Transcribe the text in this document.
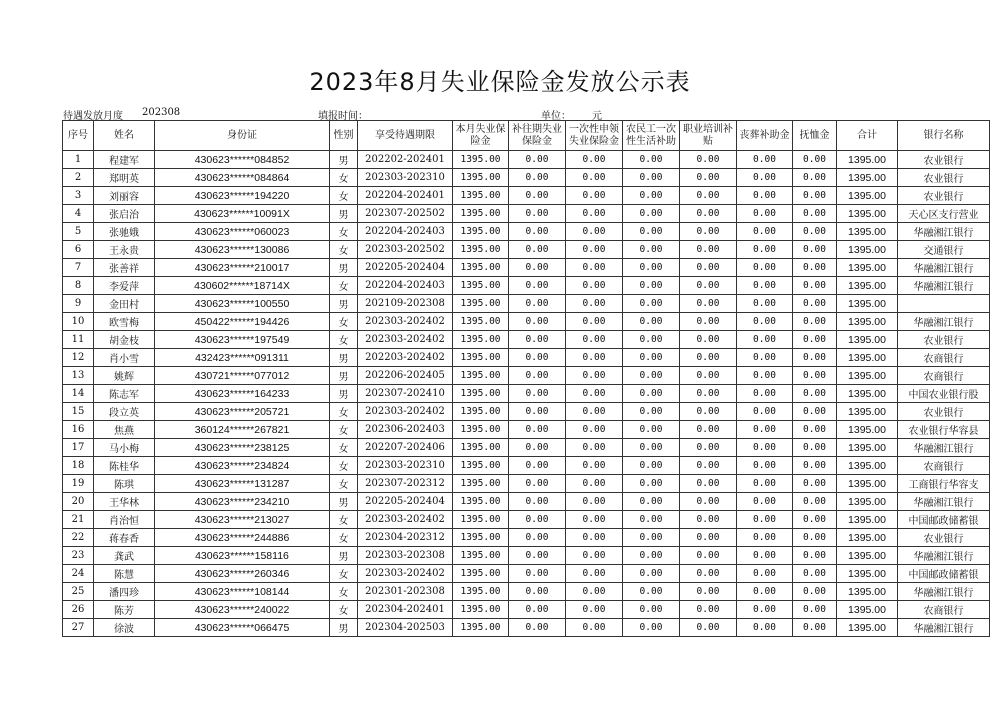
2023年8月失业保险金发放公示表
待遇发放月度 202308	填报时间：	单位： 元
序号	姓名	身份证	性别	享受待遇期限	本月失业保险金	补往期失业保险金	一次性申领失业保险金	农民工一次性生活补助	职业培训补贴	丧葬补助金	抚恤金	合计	银行名称
1	程建军	430623******084852	男	202202-202401	1395.00	0.00	0.00	0.00	0.00	0.00	0.00	1395.00	农业银行
2	郑明英	430623******084864	女	202303-202310	1395.00	0.00	0.00	0.00	0.00	0.00	0.00	1395.00	农业银行
3	刘丽容	430623******194220	女	202204-202401	1395.00	0.00	0.00	0.00	0.00	0.00	0.00	1395.00	农业银行
4	张启治	430623******10091X	男	202307-202502	1395.00	0.00	0.00	0.00	0.00	0.00	0.00	1395.00	天心区支行营业
5	张驰娥	430623******060023	女	202204-202403	1395.00	0.00	0.00	0.00	0.00	0.00	0.00	1395.00	华融湘江银行
6	王永贵	430623******130086	女	202303-202502	1395.00	0.00	0.00	0.00	0.00	0.00	0.00	1395.00	交通银行
7	张善祥	430623******210017	男	202205-202404	1395.00	0.00	0.00	0.00	0.00	0.00	0.00	1395.00	华融湘江银行
8	李爱萍	430602******18714X	女	202204-202403	1395.00	0.00	0.00	0.00	0.00	0.00	0.00	1395.00	华融湘江银行
9	金田村	430623******100550	男	202109-202308	1395.00	0.00	0.00	0.00	0.00	0.00	0.00	1395.00	
10	欧雪梅	450422******194426	女	202303-202402	1395.00	0.00	0.00	0.00	0.00	0.00	0.00	1395.00	华融湘江银行
11	胡金枝	430623******197549	女	202303-202402	1395.00	0.00	0.00	0.00	0.00	0.00	0.00	1395.00	农业银行
12	肖小雪	432423******091311	男	202203-202402	1395.00	0.00	0.00	0.00	0.00	0.00	0.00	1395.00	农商银行
13	姚辉	430721******077012	男	202206-202405	1395.00	0.00	0.00	0.00	0.00	0.00	0.00	1395.00	农商银行
14	陈志军	430623******164233	男	202307-202410	1395.00	0.00	0.00	0.00	0.00	0.00	0.00	1395.00	中国农业银行股
15	段立英	430623******205721	女	202303-202402	1395.00	0.00	0.00	0.00	0.00	0.00	0.00	1395.00	农业银行
16	焦燕	360124******267821	女	202306-202403	1395.00	0.00	0.00	0.00	0.00	0.00	0.00	1395.00	农业银行华容县
17	马小梅	430623******238125	女	202207-202406	1395.00	0.00	0.00	0.00	0.00	0.00	0.00	1395.00	华融湘江银行
18	陈桂华	430623******234824	女	202303-202310	1395.00	0.00	0.00	0.00	0.00	0.00	0.00	1395.00	农商银行
19	陈琪	430623******131287	女	202307-202312	1395.00	0.00	0.00	0.00	0.00	0.00	0.00	1395.00	工商银行华容支
20	王华林	430623******234210	男	202205-202404	1395.00	0.00	0.00	0.00	0.00	0.00	0.00	1395.00	华融湘江银行
21	肖治恒	430623******213027	女	202303-202402	1395.00	0.00	0.00	0.00	0.00	0.00	0.00	1395.00	中国邮政储蓄银
22	蒋春香	430623******244886	女	202304-202312	1395.00	0.00	0.00	0.00	0.00	0.00	0.00	1395.00	农业银行
23	龚武	430623******158116	男	202303-202308	1395.00	0.00	0.00	0.00	0.00	0.00	0.00	1395.00	华融湘江银行
24	陈慧	430623******260346	女	202303-202402	1395.00	0.00	0.00	0.00	0.00	0.00	0.00	1395.00	中国邮政储蓄银
25	潘四珍	430623******108144	女	202301-202308	1395.00	0.00	0.00	0.00	0.00	0.00	0.00	1395.00	华融湘江银行
26	陈芳	430623******240022	女	202304-202401	1395.00	0.00	0.00	0.00	0.00	0.00	0.00	1395.00	农商银行
27	徐波	430623******066475	男	202304-202503	1395.00	0.00	0.00	0.00	0.00	0.00	0.00	1395.00	华融湘江银行
